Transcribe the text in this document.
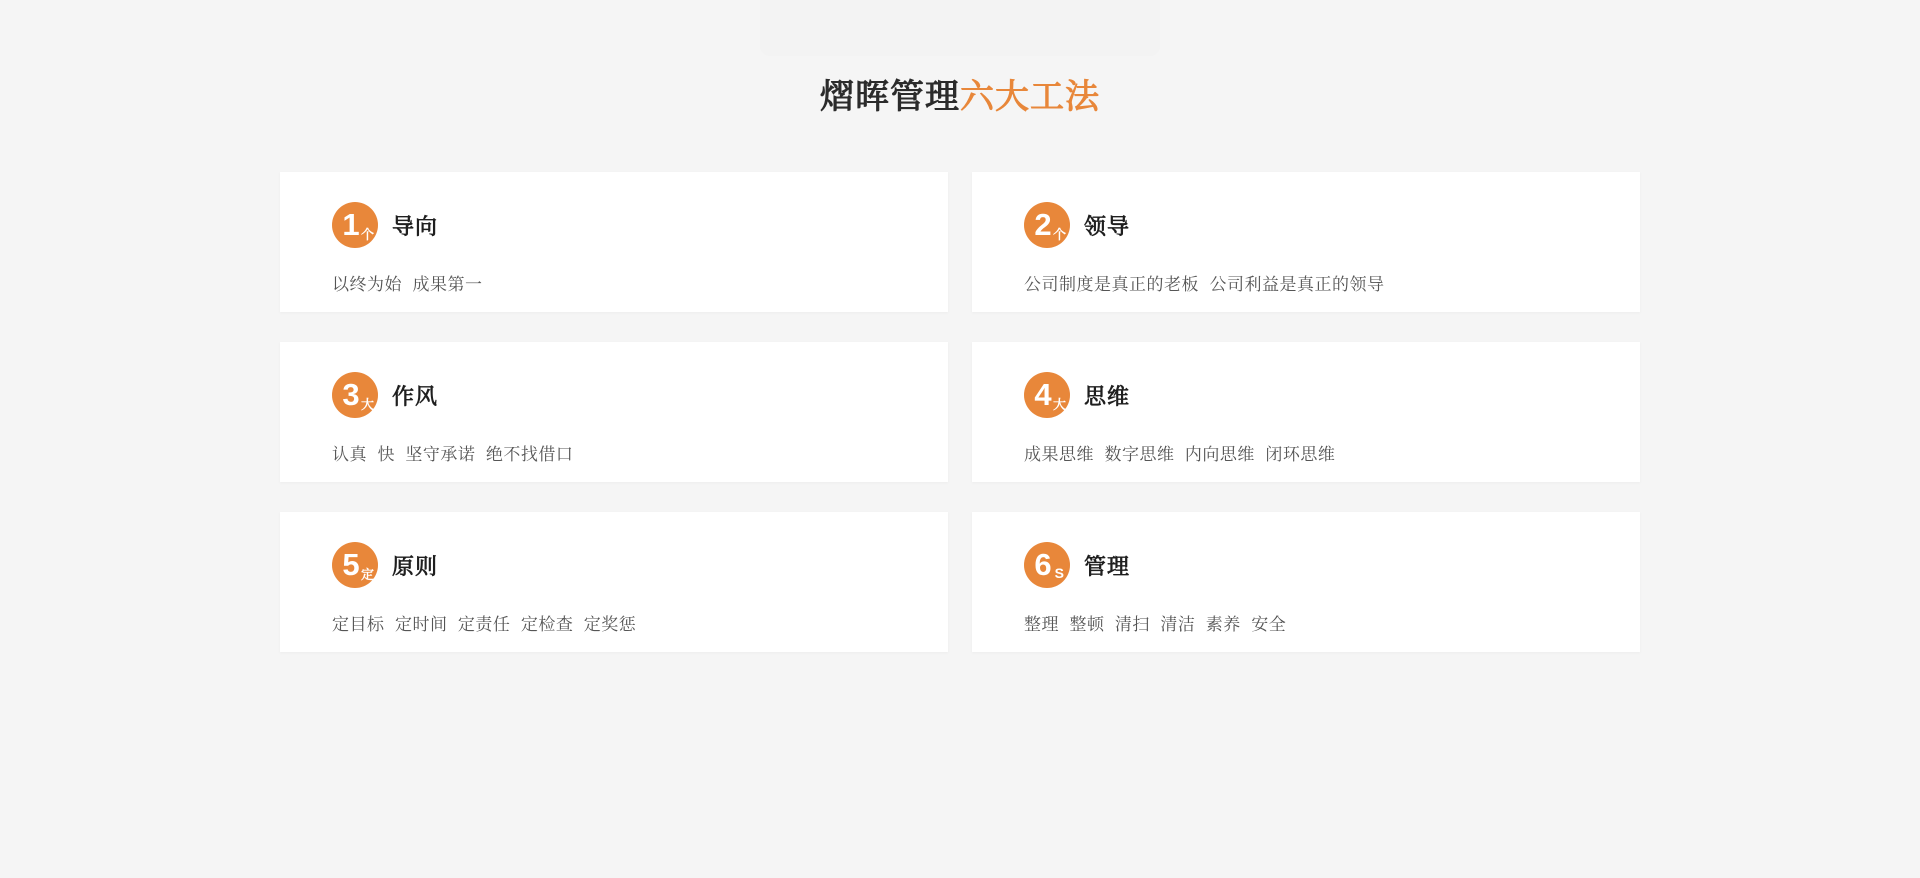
熠晖管理六大工法
1 个 导向
以终为始  成果第一
2 个 领导
公司制度是真正的老板  公司利益是真正的领导
3 大 作风
认真  快  坚守承诺  绝不找借口
4 大 思维
成果思维  数字思维  内向思维  闭环思维
5 定 原则
定目标  定时间  定责任  定检查  定奖惩
6 S 管理
整理  整顿  清扫  清洁  素养  安全
